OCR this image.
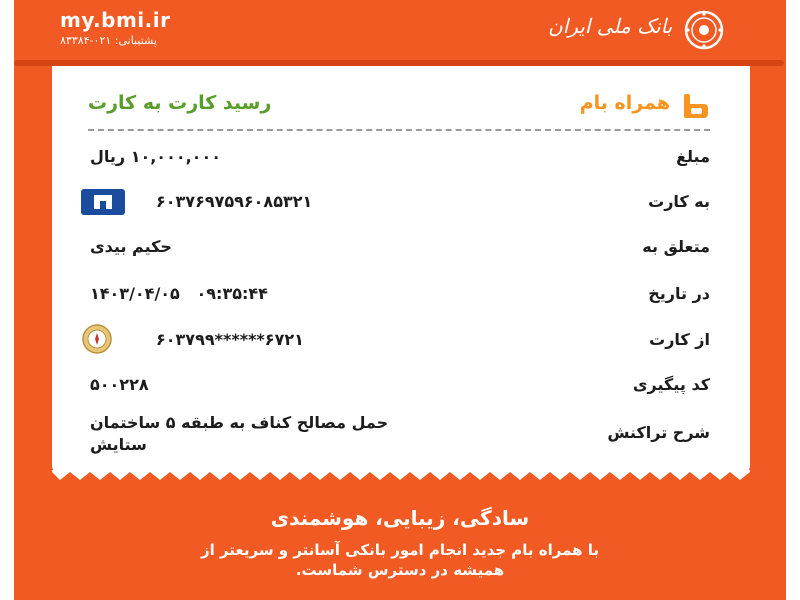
my.bmi.ir
پشتیبانی: ۰۲۱-۸۳۳۸۴
بانک ملی ایران
همراه بام
رسید کارت به کارت
مبلغ
۱۰,۰۰۰,۰۰۰ ریال
به کارت
۶۰۳۷۶۹۷۵۹۶۰۸۵۳۲۱
متعلق به
حکیم بیدی
در تاریخ
۱۴۰۳/۰۴/۰۵   ۰۹:۳۵:۴۴
از کارت
۶۰۳۷۹۹******۶۷۲۱
کد پیگیری
۵۰۰۲۲۸
شرح تراکنش
حمل مصالح کناف به طبقه ۵ ساختمان ستایش
سادگی، زیبایی، هوشمندی
با همراه بام جدید انجام امور بانکی آسانتر و سریعتر از همیشه در دسترس شماست.
